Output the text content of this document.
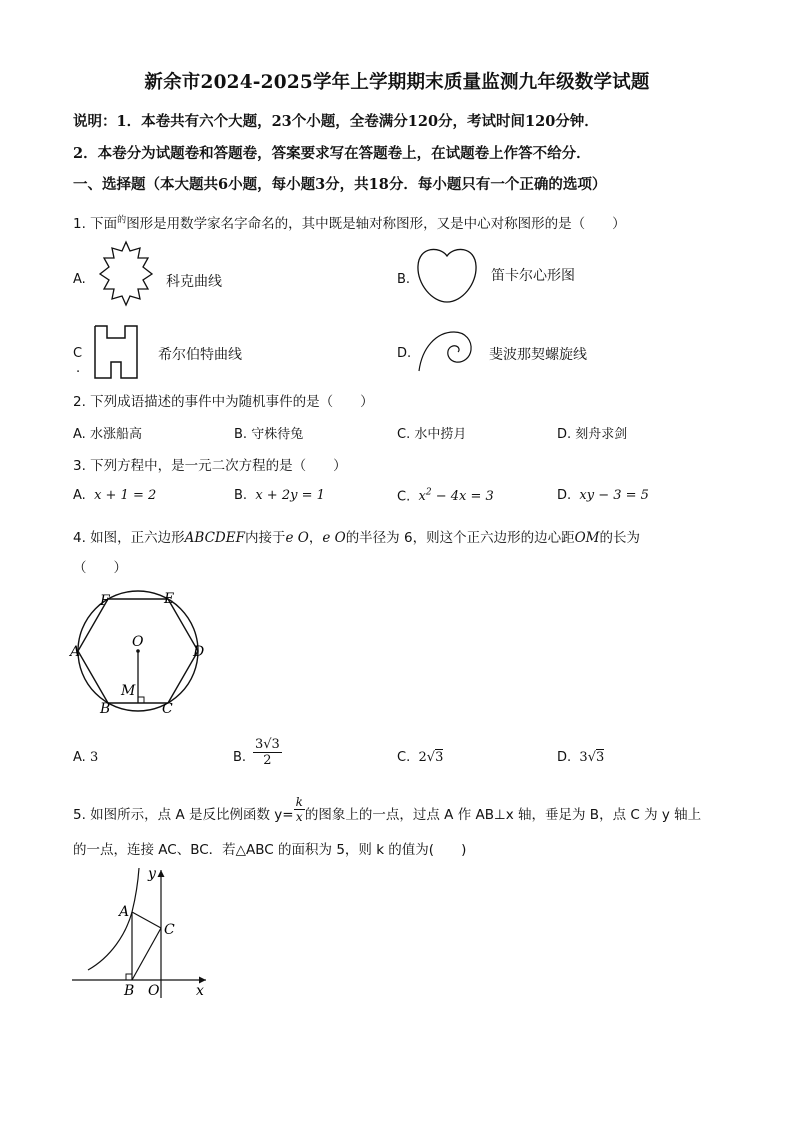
新余市2024-2025学年上学期期末质量监测九年级数学试题
说明：1．本卷共有六个大题，23个小题，全卷满分120分，考试时间120分钟．
2．本卷分为试题卷和答题卷，答案要求写在答题卷上，在试题卷上作答不给分．
一、选择题（本大题共6小题，每小题3分，共18分．每小题只有一个正确的选项）
1. 下面$^的$图形是用数学家名字命名的，其中既是轴对称图形，又是中心对称图形的是（　　）
A.	科克曲线	B.	笛卡尔心形图
C
.
希尔伯特曲线	D.	斐波那契螺旋线
2. 下列成语描述的事件中为随机事件的是（　　）
A. 水涨船高	B. 守株待兔	C. 水中捞月	D. 刻舟求剑
3. 下列方程中，是一元二次方程的是（　　）
A. x + 1 = 2	B. x + 2y = 1	C. $x^2 - 4x = 3$	D. xy − 3 = 5
4. 如图，正六边形ABCDEF内接于e O，e O的半径为 6，则这个正六边形的边心距OM的长为
（　　）
F	E
A	D
O
M
B	C
A. 3	B. $\frac{3√3}{2}$	C. 2√3	D. 3√3
5. 如图所示，点 A 是反比例函数 $y= \frac{k}{x}$ 的图象上的一点，过点 A 作 AB⊥x 轴，垂足为 B，点 C 为 y 轴上
的一点，连接 AC、BC．若△ABC 的面积为 5，则 k 的值为(　　)
y
A
C
B O	x
